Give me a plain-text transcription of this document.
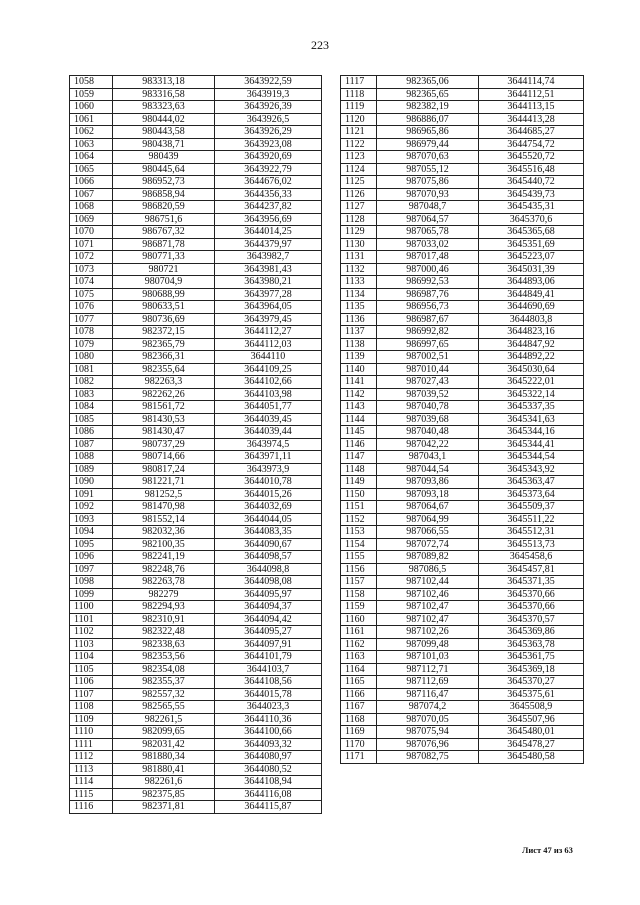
223
1058	983313,18	3643922,59
1059	983316,58	3643919,3
1060	983323,63	3643926,39
1061	980444,02	3643926,5
1062	980443,58	3643926,29
1063	980438,71	3643923,08
1064	980439	3643920,69
1065	980445,64	3643922,79
1066	986952,73	3644676,02
1067	986858,94	3644356,33
1068	986820,59	3644237,82
1069	986751,6	3643956,69
1070	986767,32	3644014,25
1071	986871,78	3644379,97
1072	980771,33	3643982,7
1073	980721	3643981,43
1074	980704,9	3643980,21
1075	980688,99	3643977,28
1076	980633,51	3643964,05
1077	980736,69	3643979,45
1078	982372,15	3644112,27
1079	982365,79	3644112,03
1080	982366,31	3644110
1081	982355,64	3644109,25
1082	982263,3	3644102,66
1083	982262,26	3644103,98
1084	981561,72	3644051,77
1085	981430,53	3644039,45
1086	981430,47	3644039,44
1087	980737,29	3643974,5
1088	980714,66	3643971,11
1089	980817,24	3643973,9
1090	981221,71	3644010,78
1091	981252,5	3644015,26
1092	981470,98	3644032,69
1093	981552,14	3644044,05
1094	982032,36	3644083,35
1095	982100,35	3644090,67
1096	982241,19	3644098,57
1097	982248,76	3644098,8
1098	982263,78	3644098,08
1099	982279	3644095,97
1100	982294,93	3644094,37
1101	982310,91	3644094,42
1102	982322,48	3644095,27
1103	982338,63	3644097,91
1104	982353,56	3644101,79
1105	982354,08	3644103,7
1106	982355,37	3644108,56
1107	982557,32	3644015,78
1108	982565,55	3644023,3
1109	982261,5	3644110,36
1110	982099,65	3644100,66
1111	982031,42	3644093,32
1112	981880,34	3644080,97
1113	981880,41	3644080,52
1114	982261,6	3644108,94
1115	982375,85	3644116,08
1116	982371,81	3644115,87
1117	982365,06	3644114,74
1118	982365,65	3644112,51
1119	982382,19	3644113,15
1120	986886,07	3644413,28
1121	986965,86	3644685,27
1122	986979,44	3644754,72
1123	987070,63	3645520,72
1124	987055,12	3645516,48
1125	987075,86	3645440,72
1126	987070,93	3645439,73
1127	987048,7	3645435,31
1128	987064,57	3645370,6
1129	987065,78	3645365,68
1130	987033,02	3645351,69
1131	987017,48	3645223,07
1132	987000,46	3645031,39
1133	986992,53	3644893,06
1134	986987,76	3644849,41
1135	986956,73	3644690,69
1136	986987,67	3644803,8
1137	986992,82	3644823,16
1138	986997,65	3644847,92
1139	987002,51	3644892,22
1140	987010,44	3645030,64
1141	987027,43	3645222,01
1142	987039,52	3645322,14
1143	987040,78	3645337,35
1144	987039,68	3645341,63
1145	987040,48	3645344,16
1146	987042,22	3645344,41
1147	987043,1	3645344,54
1148	987044,54	3645343,92
1149	987093,86	3645363,47
1150	987093,18	3645373,64
1151	987064,67	3645509,37
1152	987064,99	3645511,22
1153	987066,55	3645512,31
1154	987072,74	3645513,73
1155	987089,82	3645458,6
1156	987086,5	3645457,81
1157	987102,44	3645371,35
1158	987102,46	3645370,66
1159	987102,47	3645370,66
1160	987102,47	3645370,57
1161	987102,26	3645369,86
1162	987099,48	3645363,78
1163	987101,03	3645361,75
1164	987112,71	3645369,18
1165	987112,69	3645370,27
1166	987116,47	3645375,61
1167	987074,2	3645508,9
1168	987070,05	3645507,96
1169	987075,94	3645480,01
1170	987076,96	3645478,27
1171	987082,75	3645480,58
Лист 47 из 63
